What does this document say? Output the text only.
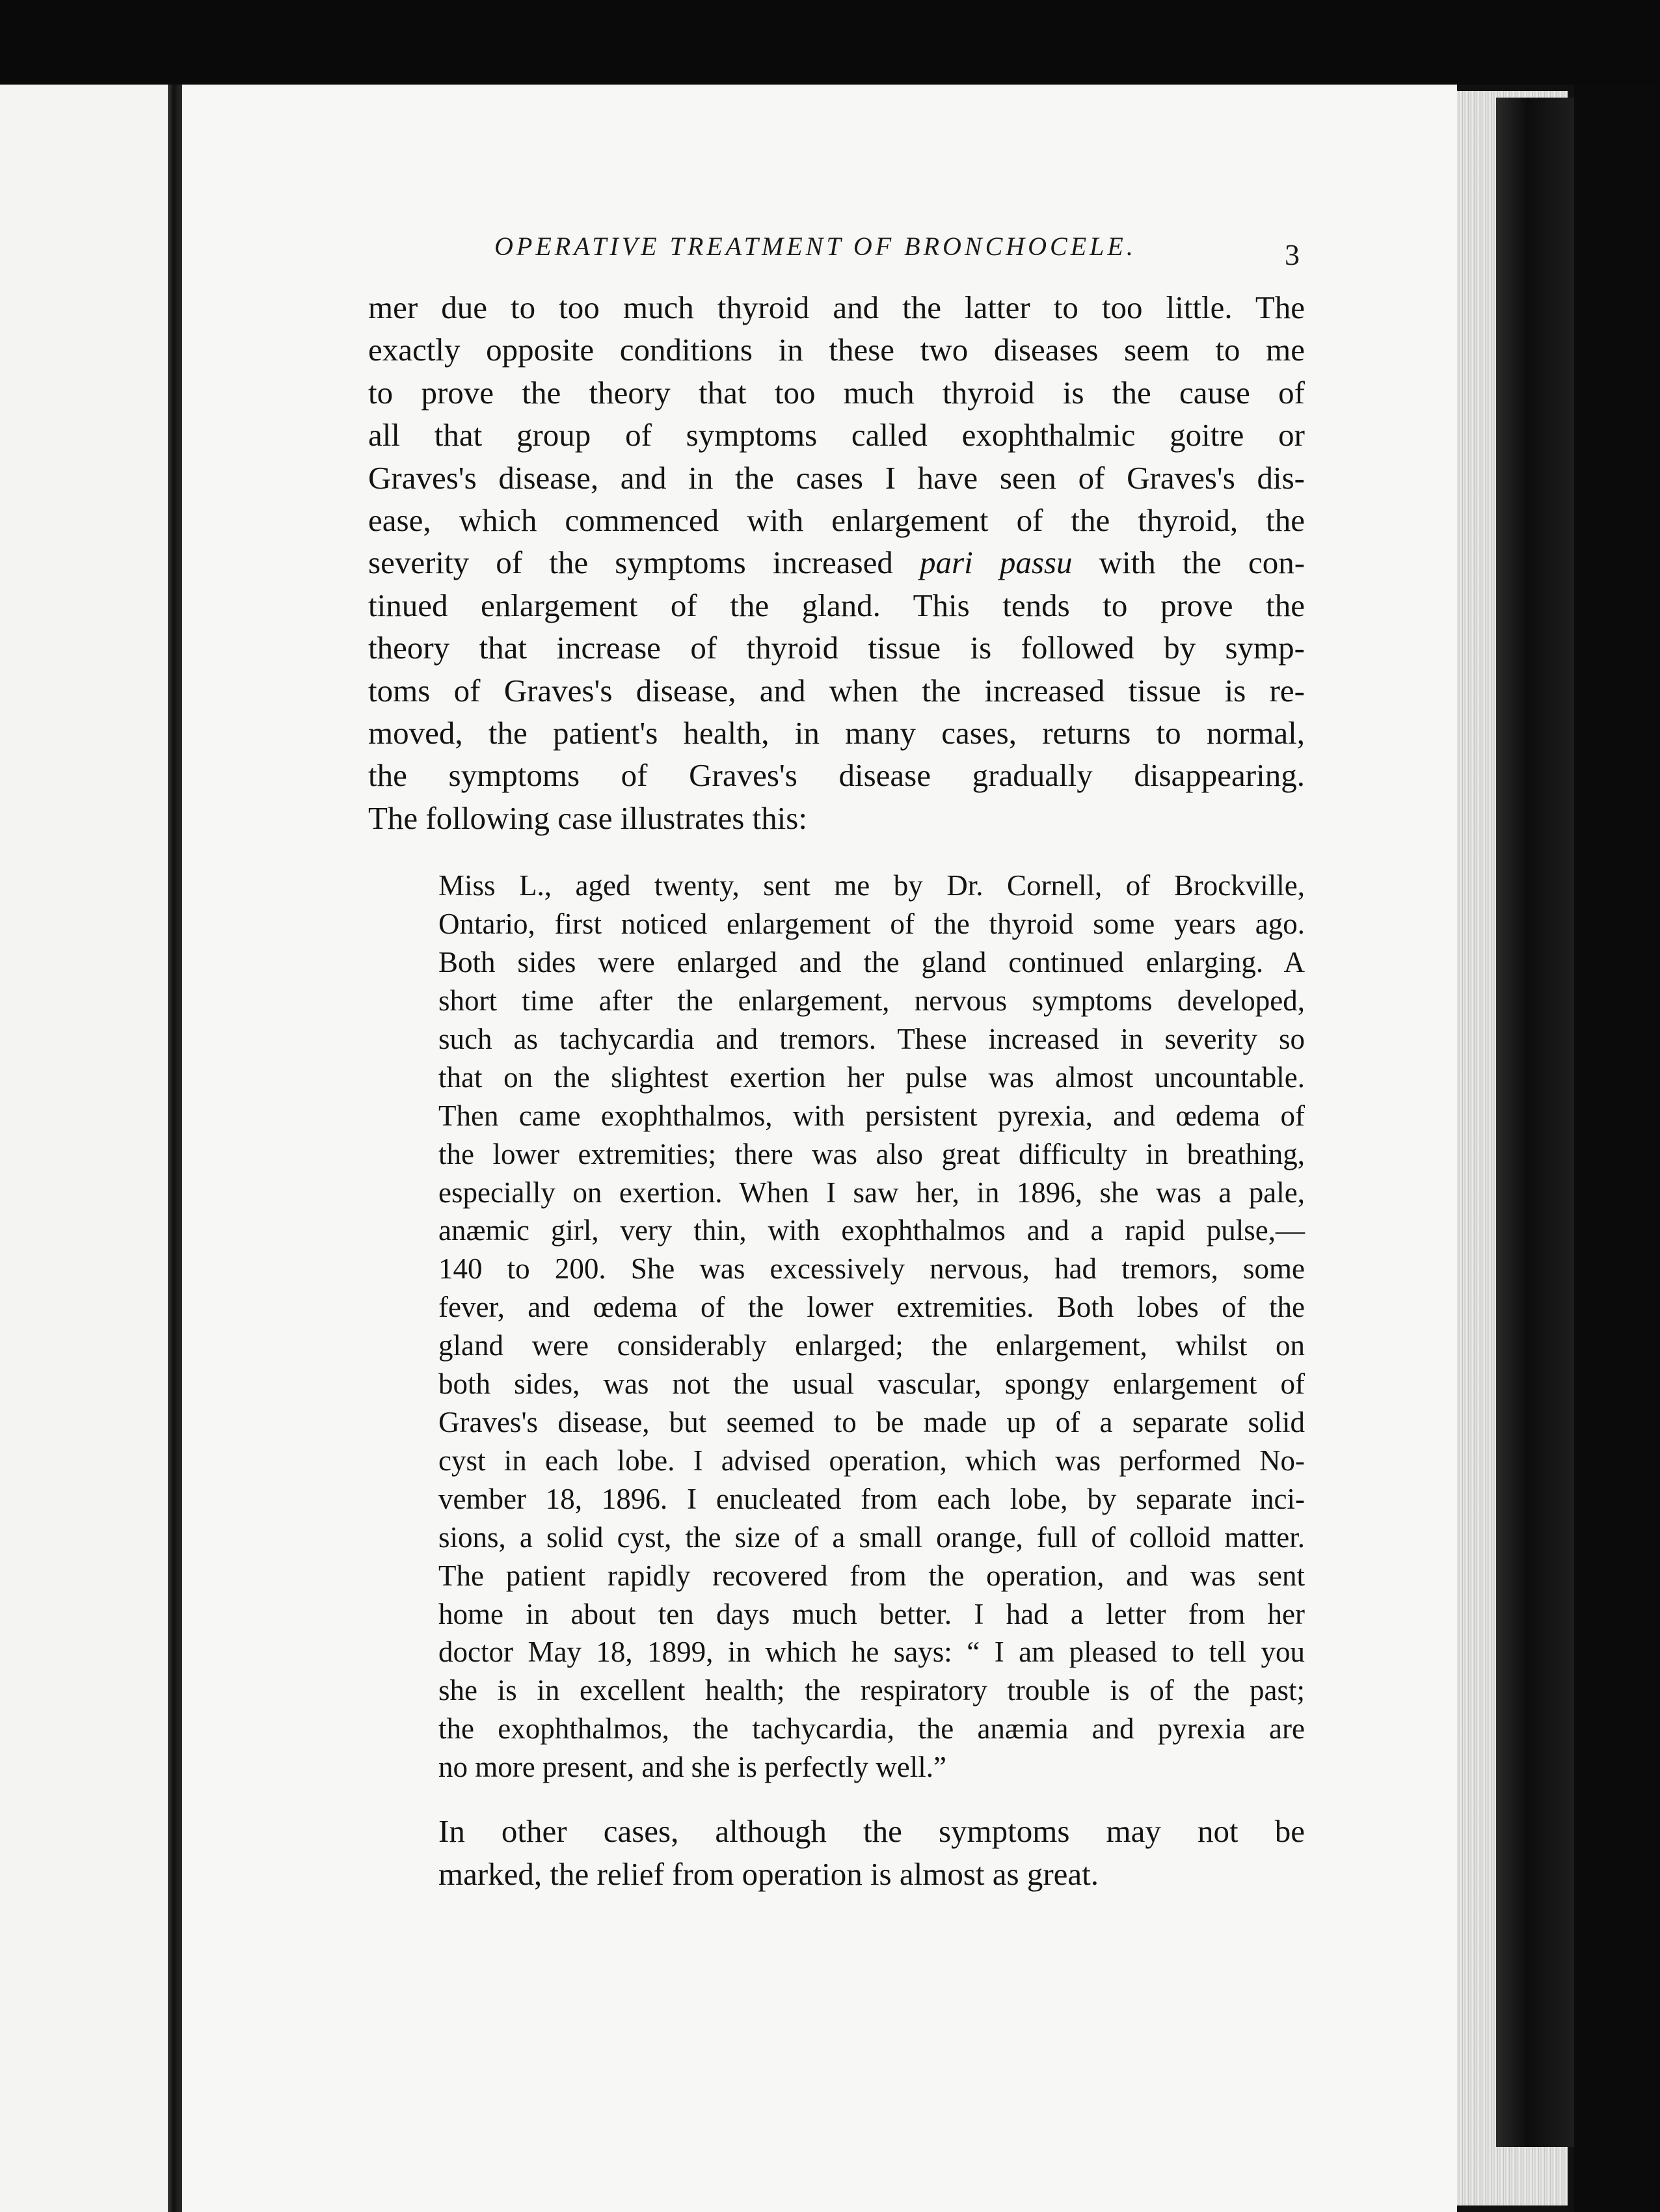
OPERATIVE TREATMENT OF BRONCHOCELE.	3

mer due to too much thyroid and the latter to too little. The
exactly opposite conditions in these two diseases seem to me
to prove the theory that too much thyroid is the cause of
all that group of symptoms called exophthalmic goitre or
Graves's disease, and in the cases I have seen of Graves's dis-
ease, which commenced with enlargement of the thyroid, the
severity of the symptoms increased pari passu with the con-
tinued enlargement of the gland. This tends to prove the
theory that increase of thyroid tissue is followed by symp-
toms of Graves's disease, and when the increased tissue is re-
moved, the patient's health, in many cases, returns to normal,
the symptoms of Graves's disease gradually disappearing.
The following case illustrates this:

Miss L., aged twenty, sent me by Dr. Cornell, of Brockville,
Ontario, first noticed enlargement of the thyroid some years ago.
Both sides were enlarged and the gland continued enlarging. A
short time after the enlargement, nervous symptoms developed,
such as tachycardia and tremors. These increased in severity so
that on the slightest exertion her pulse was almost uncountable.
Then came exophthalmos, with persistent pyrexia, and œdema of
the lower extremities; there was also great difficulty in breathing,
especially on exertion. When I saw her, in 1896, she was a pale,
anæmic girl, very thin, with exophthalmos and a rapid pulse,—
140 to 200. She was excessively nervous, had tremors, some
fever, and œdema of the lower extremities. Both lobes of the
gland were considerably enlarged; the enlargement, whilst on
both sides, was not the usual vascular, spongy enlargement of
Graves's disease, but seemed to be made up of a separate solid
cyst in each lobe. I advised operation, which was performed No-
vember 18, 1896. I enucleated from each lobe, by separate inci-
sions, a solid cyst, the size of a small orange, full of colloid matter.
The patient rapidly recovered from the operation, and was sent
home in about ten days much better. I had a letter from her
doctor May 18, 1899, in which he says: “ I am pleased to tell you
she is in excellent health; the respiratory trouble is of the past;
the exophthalmos, the tachycardia, the anæmia and pyrexia are
no more present, and she is perfectly well.”

In other cases, although the symptoms may not be
marked, the relief from operation is almost as great.
